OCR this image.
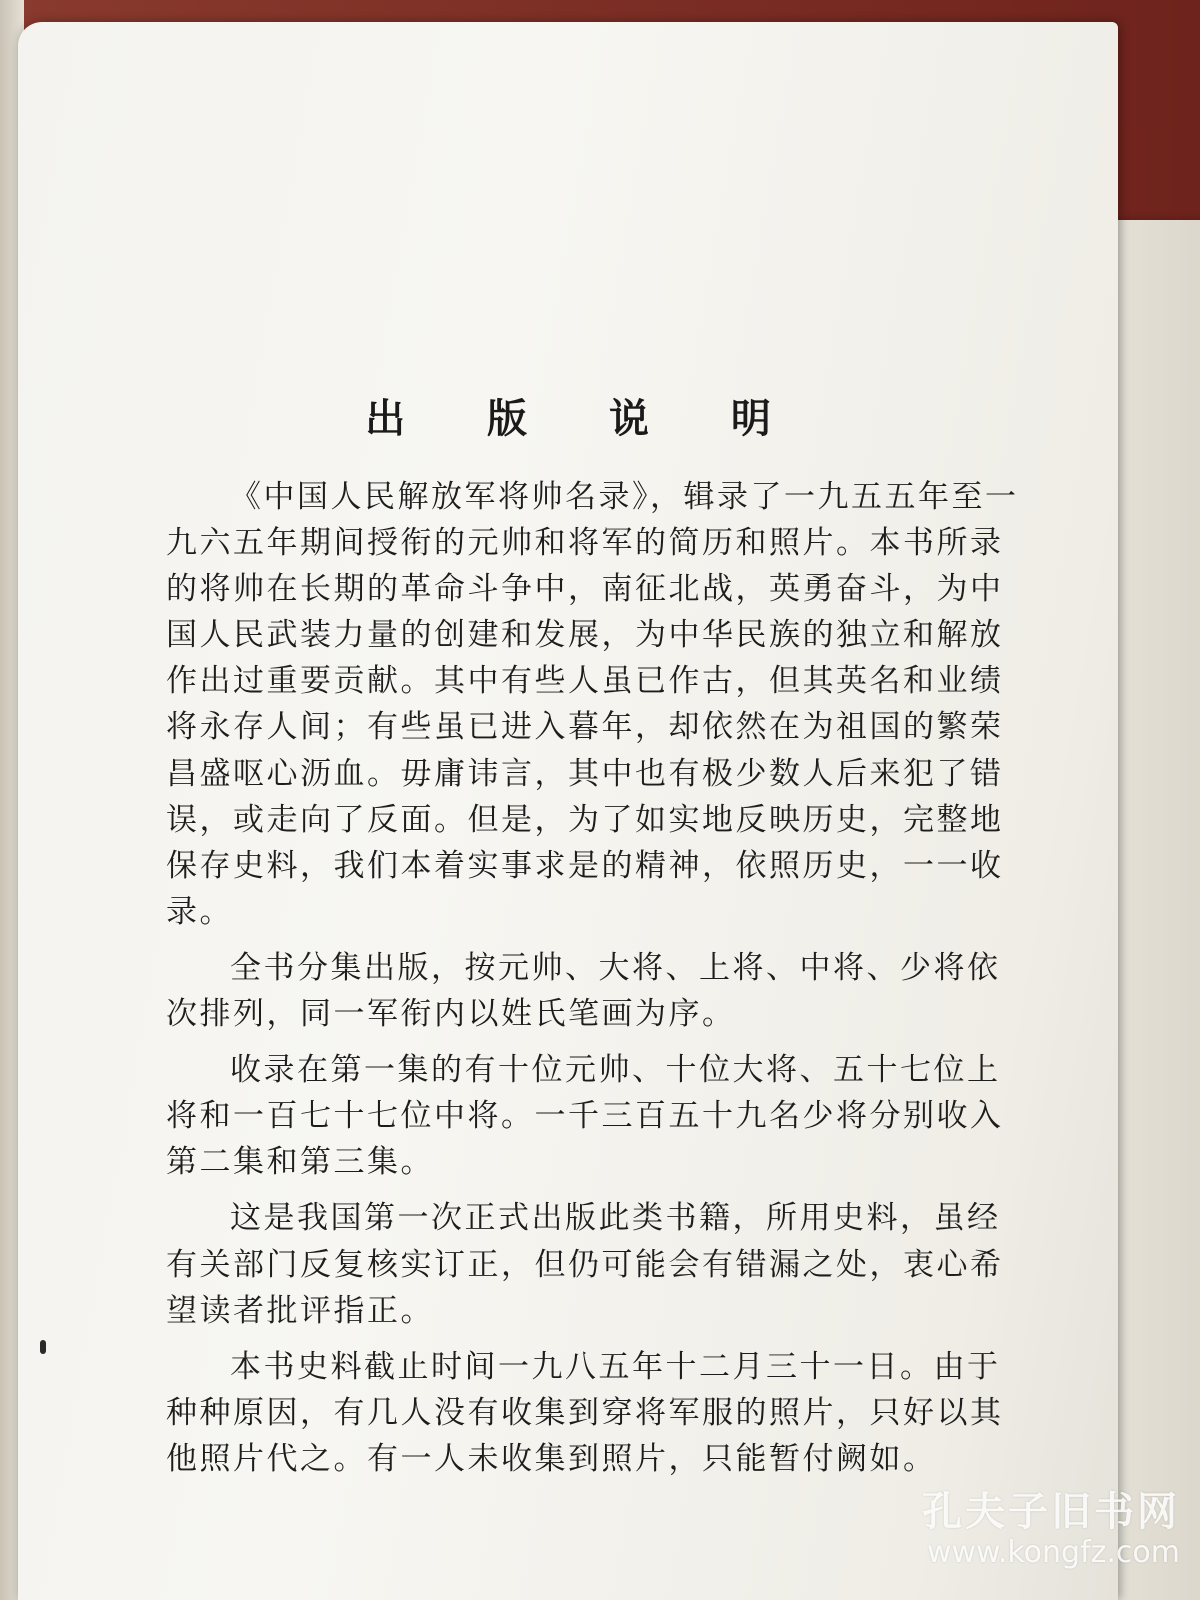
出 版 说 明
《中国人民解放军将帅名录》，辑录了一九五五年至一
九六五年期间授衔的元帅和将军的简历和照片。本书所录
的将帅在长期的革命斗争中，南征北战，英勇奋斗，为中
国人民武装力量的创建和发展，为中华民族的独立和解放
作出过重要贡献。其中有些人虽已作古，但其英名和业绩
将永存人间；有些虽已进入暮年，却依然在为祖国的繁荣
昌盛呕心沥血。毋庸讳言，其中也有极少数人后来犯了错
误，或走向了反面。但是，为了如实地反映历史，完整地
保存史料，我们本着实事求是的精神，依照历史，一一收
录。
全书分集出版，按元帅、大将、上将、中将、少将依
次排列，同一军衔内以姓氏笔画为序。
收录在第一集的有十位元帅、十位大将、五十七位上
将和一百七十七位中将。一千三百五十九名少将分别收入
第二集和第三集。
这是我国第一次正式出版此类书籍，所用史料，虽经
有关部门反复核实订正，但仍可能会有错漏之处，衷心希
望读者批评指正。
本书史料截止时间一九八五年十二月三十一日。由于
种种原因，有几人没有收集到穿将军服的照片，只好以其
他照片代之。有一人未收集到照片，只能暂付阙如。
孔夫子旧书网
www.kongfz.com
